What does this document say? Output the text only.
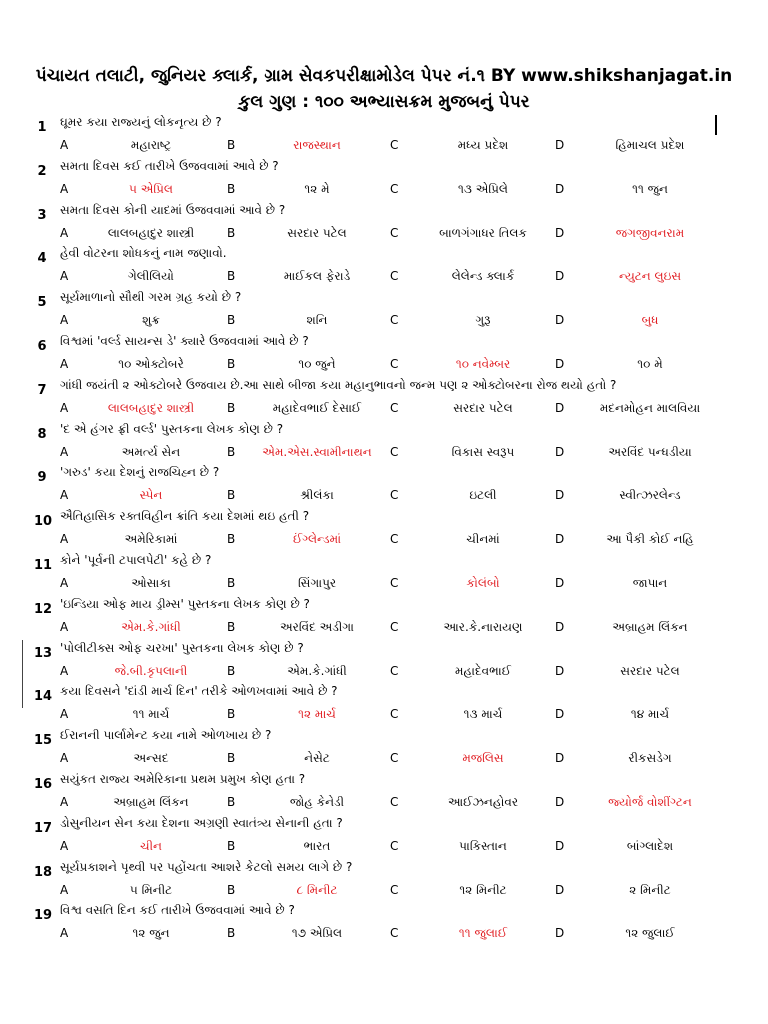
પંચાયત તલાટી, જુનિયર ક્લાર્ક, ગ્રામ સેવકપરીક્ષામોડેલ પેપર નં.૧ BY www.shikshanjagat.in
કુલ ગુણ : ૧૦૦ અભ્યાસક્રમ મુજબનું પેપર
1 ઘૂમર કયા રાજ્યનું લોકનૃત્ય છે ?
A	મહારાષ્ટ્ર	B	રાજસ્થાન	C	મધ્ય પ્રદેશ	D	હિમાચલ પ્રદેશ
2 સમતા દિવસ કઈ તારીખે ઉજવવામાં આવે છે ?
A	૫ એપ્રિલ	B	૧૨ મે	C	૧૩ એપ્રિલે	D	૧૧ જુન
3 સમતા દિવસ કોની યાદમાં ઉજવવામાં આવે છે ?
A	લાલબહાદુર શાસ્ત્રી	B	સરદાર પટેલ	C	બાળગંગાધર તિલક	D	જગજીવનરામ
4 હેવી વોટરના શોધકનું નામ જણાવો.
A	ગેલીલિયો	B	માઈકલ ફેરાડે	C	લેલેન્ડ ક્લાર્ક	D	ન્યુટન લુઇસ
5 સૂર્યમાળાનો સૌથી ગરમ ગ્રહ કયો છે ?
A	શુક્ર	B	શનિ	C	ગુરૂ	D	બુધ
6 વિશ્વમાં 'વર્લ્ડ સાયન્સ ડે' ક્યારે ઉજવવામાં આવે છે ?
A	૧૦ ઓક્ટોબરે	B	૧૦ જુને	C	૧૦ નવેમ્બર	D	૧૦ મે
7 ગાંધી જયંતી ૨ ઓક્ટોબરે ઉજવાય છે.આ સાથે બીજા કયા મહાનુભાવનો જન્મ પણ ૨ ઓક્ટોબરના રોજ થયો હતો ?
A	લાલબહાદુર શાસ્ત્રી	B	મહાદેવભાઈ દેસાઈ	C	સરદાર પટેલ	D	મદનમોહન માલવિયા
8 'દ એ હંગર ફ્રી વર્લ્ડ' પુસ્તકના લેખક કોણ છે ?
A	અમર્ત્ય સેન	B	એમ.એસ.સ્વામીનાથન	C	વિકાસ સ્વરૂપ	D	અરવિંદ પન્ધડીયા
9 'ગરુડ' કયા દેશનું રાજચિહ્ન છે ?
A	સ્પેન	B	શ્રીલંકા	C	ઇટલી	D	સ્વીત્ઝરલેન્ડ
10 ઐતિહાસિક રક્તવિહીન ક્રાંતિ કયા દેશમાં થઇ હતી ?
A	અમેરિકામાં	B	ઈંગ્લેન્ડમાં	C	ચીનમાં	D	આ પૈકી કોઈ નહિ
11 કોને 'પૂર્વની ટપાલપેટી' કહે છે ?
A	ઓસાકા	B	સિંગાપુર	C	કોલંબો	D	જાપાન
12 'ઇન્ડિયા ઓફ માય ડ્રીમ્સ' પુસ્તકના લેખક કોણ છે ?
A	એમ.કે.ગાંધી	B	અરવિંદ અડીગા	C	આર.કે.નારાયણ	D	અબ્રાહમ લિંકન
13 'પોલીટીક્સ ઓફ ચરખા' પુસ્તકના લેખક કોણ છે ?
A	જે.બી.કૃપલાની	B	એમ.કે.ગાંધી	C	મહાદેવભાઈ	D	સરદાર પટેલ
14 કયા દિવસને 'દાંડી માર્ચ દિન' તરીકે ઓળખવામાં આવે છે ?
A	૧૧ માર્ચ	B	૧૨ માર્ચ	C	૧૩ માર્ચ	D	૧૪ માર્ચ
15 ઈરાનની પાર્લામેન્ટ કયા નામે ઓળખાય છે ?
A	અન્સદ	B	નેસેટ	C	મજલિસ	D	રીકસડેગ
16 સયુંકત રાજ્ય અમેરિકાના પ્રથમ પ્રમુખ કોણ હતા ?
A	અબ્રાહમ લિંકન	B	જોહ કેનેડી	C	આઈઝનહોવર	D	જ્યોર્જ વોશીંગ્ટન
17 ડોસુનીયન સેન કયા દેશના અગ્રણી સ્વાતંત્ર્ય સેનાની હતા ?
A	ચીન	B	ભારત	C	પાકિસ્તાન	D	બાંગ્લાદેશ
18 સૂર્યપ્રકાશને પૃથ્વી પર પહોંચતા આશરે કેટલો સમય લાગે છે ?
A	૫ મિનીટ	B	૮ મિનીટ	C	૧૨ મિનીટ	D	૨ મિનીટ
19 વિશ્વ વસતિ દિન કઈ તારીખે ઉજવવામાં આવે છે ?
A	૧૨ જુન	B	૧૭ એપ્રિલ	C	૧૧ જુલાઈ	D	૧૨ જુલાઈ
